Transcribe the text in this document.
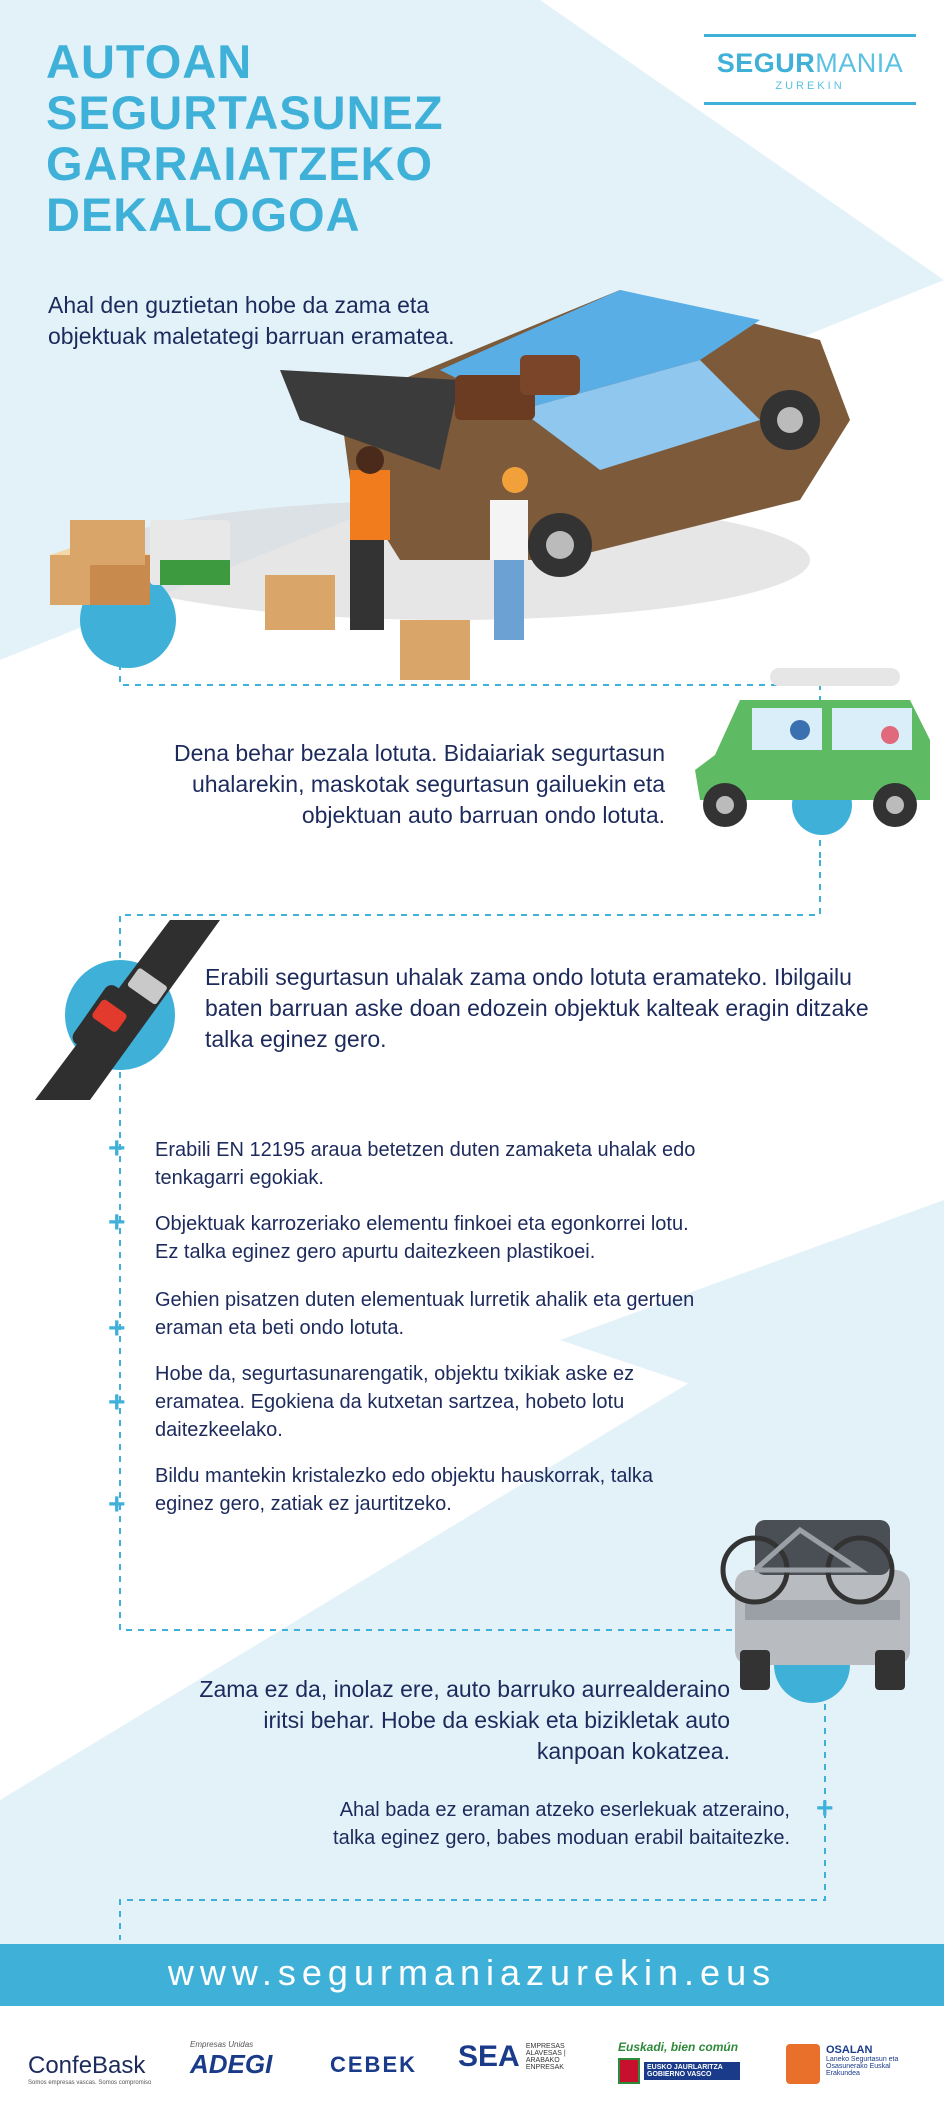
AUTOAN SEGURTASUNEZ GARRAIATZEKO DEKALOGOA
SEGURMANIA
ZUREKIN
Ahal den guztietan hobe da zama eta objektuak maletategi barruan eramatea.
Dena behar bezala lotuta. Bidaiariak segurtasun uhalarekin, maskotak segurtasun gailuekin eta objektuan auto barruan ondo lotuta.
Erabili segurtasun uhalak zama ondo lotuta eramateko. Ibilgailu baten barruan aske doan edozein objektuk kalteak eragin ditzake talka eginez gero.
+ Erabili EN 12195 araua betetzen duten zamaketa uhalak edo tenkagarri egokiak.
+ Objektuak karrozeriako elementu finkoei eta egonkorrei lotu. Ez talka eginez gero apurtu daitezkeen plastikoei.
+
Gehien pisatzen duten elementuak lurretik ahalik eta gertuen eraman eta beti ondo lotuta.
+
Hobe da, segurtasunarengatik, objektu txikiak aske ez eramatea. Egokiena da kutxetan sartzea, hobeto lotu daitezkeelako.
+
Bildu mantekin kristalezko edo objektu hauskorrak, talka eginez gero, zatiak ez jaurtitzeko.
Zama ez da, inolaz ere, auto barruko aurrealderaino iritsi behar. Hobe da eskiak eta bizikletak auto kanpoan kokatzea.
Ahal bada ez eraman atzeko eserlekuak atzeraino, talka eginez gero, babes moduan erabil baitaitezke.
+
www.segurmaniazurekin.eus
ConfeBask
Somos empresas vascas. Somos compromiso
Empresas Unidas
ADEGI	CEBEK	SEA EMPRESAS ALAVESAS | ARABAKO ENPRESAK
Euskadi, bien común
EUSKO JAURLARITZA GOBIERNO VASCO
OSALAN
Laneko Segurtasun eta Osasunerako Euskal Erakundea
